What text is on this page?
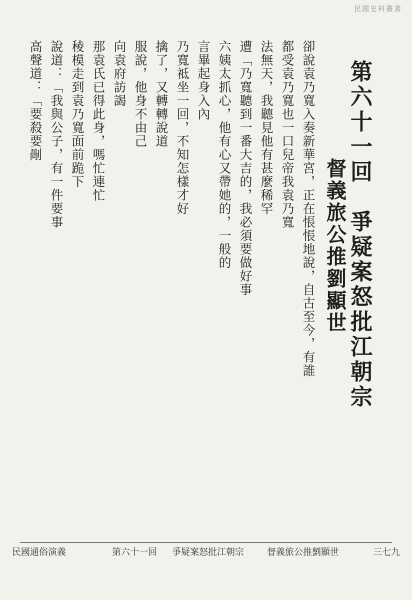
民國史料叢書
第六十一回　爭疑案怒批江朝宗
督義旅公推劉顯世
卻說袁乃寬入奏新華宮，正在悵悵地說，自古至今，有誰
都受袁乃寬也一口兒帝我袁乃寬
法無天，我聽見他有甚麼稀罕
遭「乃寬聽到一番大吉的，我必須要做好事
六姨太抓心，他有心又帶她的，一般的
言畢起身入內
乃寬祗坐一回，不知怎樣才好
擒了，又轉轉說道
服說，他身不由己
向袁府訪謁
那袁氏已得此身，嗎忙連忙
稜模走到袁乃寬面前跪下
說道：「我與公子，有一件要事
高聲道：「要殺要剮
民國通俗演義	第六十一回 爭疑案怒批江朝宗	督義旅公推劉顯世	三七九
